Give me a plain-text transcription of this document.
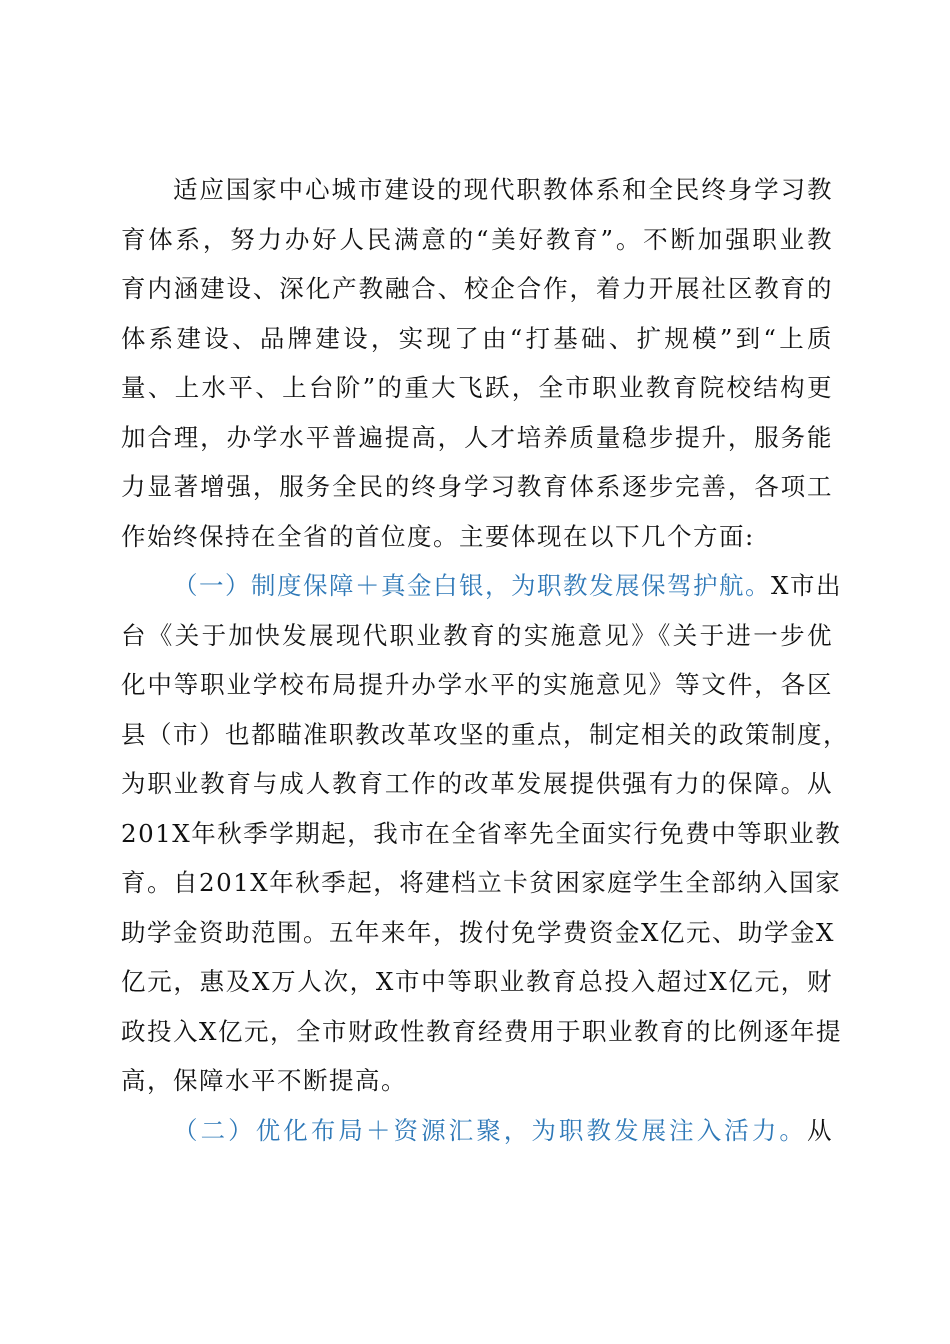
适应国家中心城市建设的现代职教体系和全民终身学习教
育体系，努力办好人民满意的“美好教育”。不断加强职业教
育内涵建设、深化产教融合、校企合作，着力开展社区教育的
体系建设、品牌建设，实现了由“打基础、扩规模”到“上质
量、上水平、上台阶”的重大飞跃，全市职业教育院校结构更
加合理，办学水平普遍提高，人才培养质量稳步提升，服务能
力显著增强，服务全民的终身学习教育体系逐步完善，各项工
作始终保持在全省的首位度。主要体现在以下几个方面:
（一）制度保障＋真金白银，为职教发展保驾护航。X市出
台《关于加快发展现代职业教育的实施意见》《关于进一步优
化中等职业学校布局提升办学水平的实施意见》等文件，各区
县（市）也都瞄准职教改革攻坚的重点，制定相关的政策制度，
为职业教育与成人教育工作的改革发展提供强有力的保障。从
201X年秋季学期起，我市在全省率先全面实行免费中等职业教
育。自201X年秋季起，将建档立卡贫困家庭学生全部纳入国家
助学金资助范围。五年来年，拨付免学费资金X亿元、助学金X
亿元，惠及X万人次，X市中等职业教育总投入超过X亿元，财
政投入X亿元，全市财政性教育经费用于职业教育的比例逐年提
高，保障水平不断提高。
（二）优化布局＋资源汇聚，为职教发展注入活力。从
